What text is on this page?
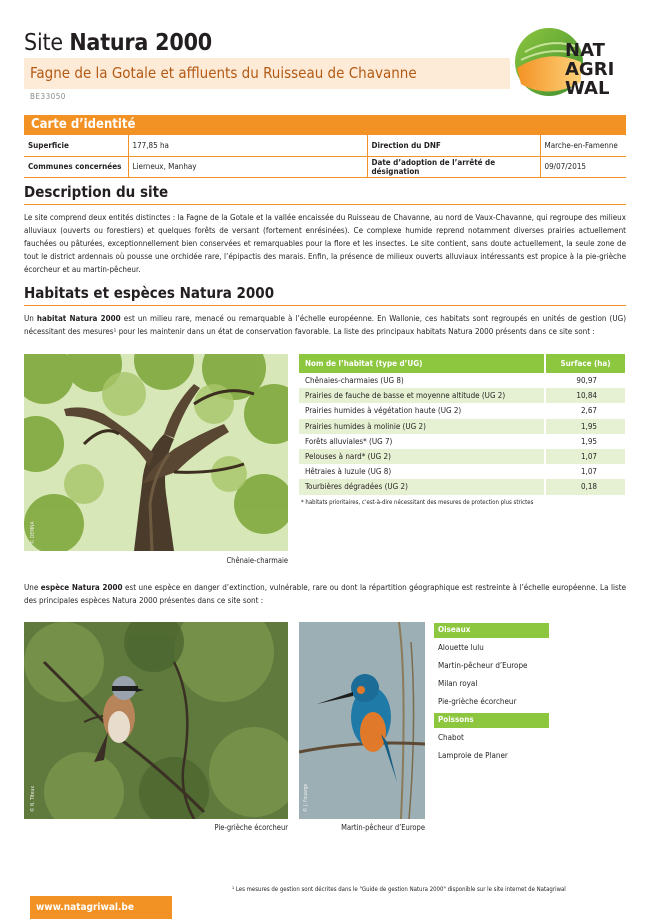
Site Natura 2000
Fagne de la Gotale et affluents du Ruisseau de Chavanne
BE33050
NAT
AGRI
WAL
Carte d’identité
Superficie	177,85 ha	Direction du DNF	Marche-en-Famenne
Communes concernées	Lierneux, Manhay	Date d’adoption de l’arrêté de désignation	09/07/2015
Description du site
Le site comprend deux entités distinctes : la Fagne de la Gotale et la vallée encaissée du Ruisseau de Chavanne, au nord de Vaux-Chavanne, qui regroupe des milieux alluviaux (ouverts ou forestiers) et quelques forêts de versant (fortement enrésinées). Ce complexe humide reprend notamment diverses prairies actuellement fauchées ou pâturées, exceptionnellement bien conservées et remarquables pour la flore et les insectes. Le site contient, sans doute actuellement, la seule zone de tout le district ardennais où pousse une orchidée rare, l’épipactis des marais. Enfin, la présence de milieux ouverts alluviaux intéressants est propice à la pie-grièche écorcheur et au martin-pêcheur.
Habitats et espèces Natura 2000
Un habitat Natura 2000 est un milieu rare, menacé ou remarquable à l’échelle européenne. En Wallonie, ces habitats sont regroupés en unités de gestion (UG) nécessitant des mesures¹ pour les maintenir dans un état de conservation favorable. La liste des principaux habitats Natura 2000 présents dans ce site sont :
© DEMNA
Chênaie-charmaie
Nom de l’habitat (type d’UG)	Surface (ha)
Chênaies-charmaies (UG 8)	90,97
Prairies de fauche de basse et moyenne altitude (UG 2)	10,84
Prairies humides à végétation haute (UG 2)	2,67
Prairies humides à molinie (UG 2)	1,95
Forêts alluviales* (UG 7)	1,95
Pelouses à nard* (UG 2)	1,07
Hêtraies à luzule (UG 8)	1,07
Tourbières dégradées (UG 2)	0,18
* habitats prioritaires, c’est-à-dire nécessitant des mesures de protection plus strictes
Une espèce Natura 2000 est une espèce en danger d’extinction, vulnérable, rare ou dont la répartition géographique est restreinte à l’échelle européenne. La liste des principales espèces Natura 2000 présentes dans ce site sont :
© N. Titeux
Pie-grièche écorcheur
© J. Fouarge
Martin-pêcheur d’Europe
Oiseaux
Alouette lulu
Martin-pêcheur d’Europe
Milan royal
Pie-grièche écorcheur
Poissons
Chabot
Lamproie de Planer
¹ Les mesures de gestion sont décrites dans le "Guide de gestion Natura 2000" disponible sur le site internet de Natagriwal
www.natagriwal.be
